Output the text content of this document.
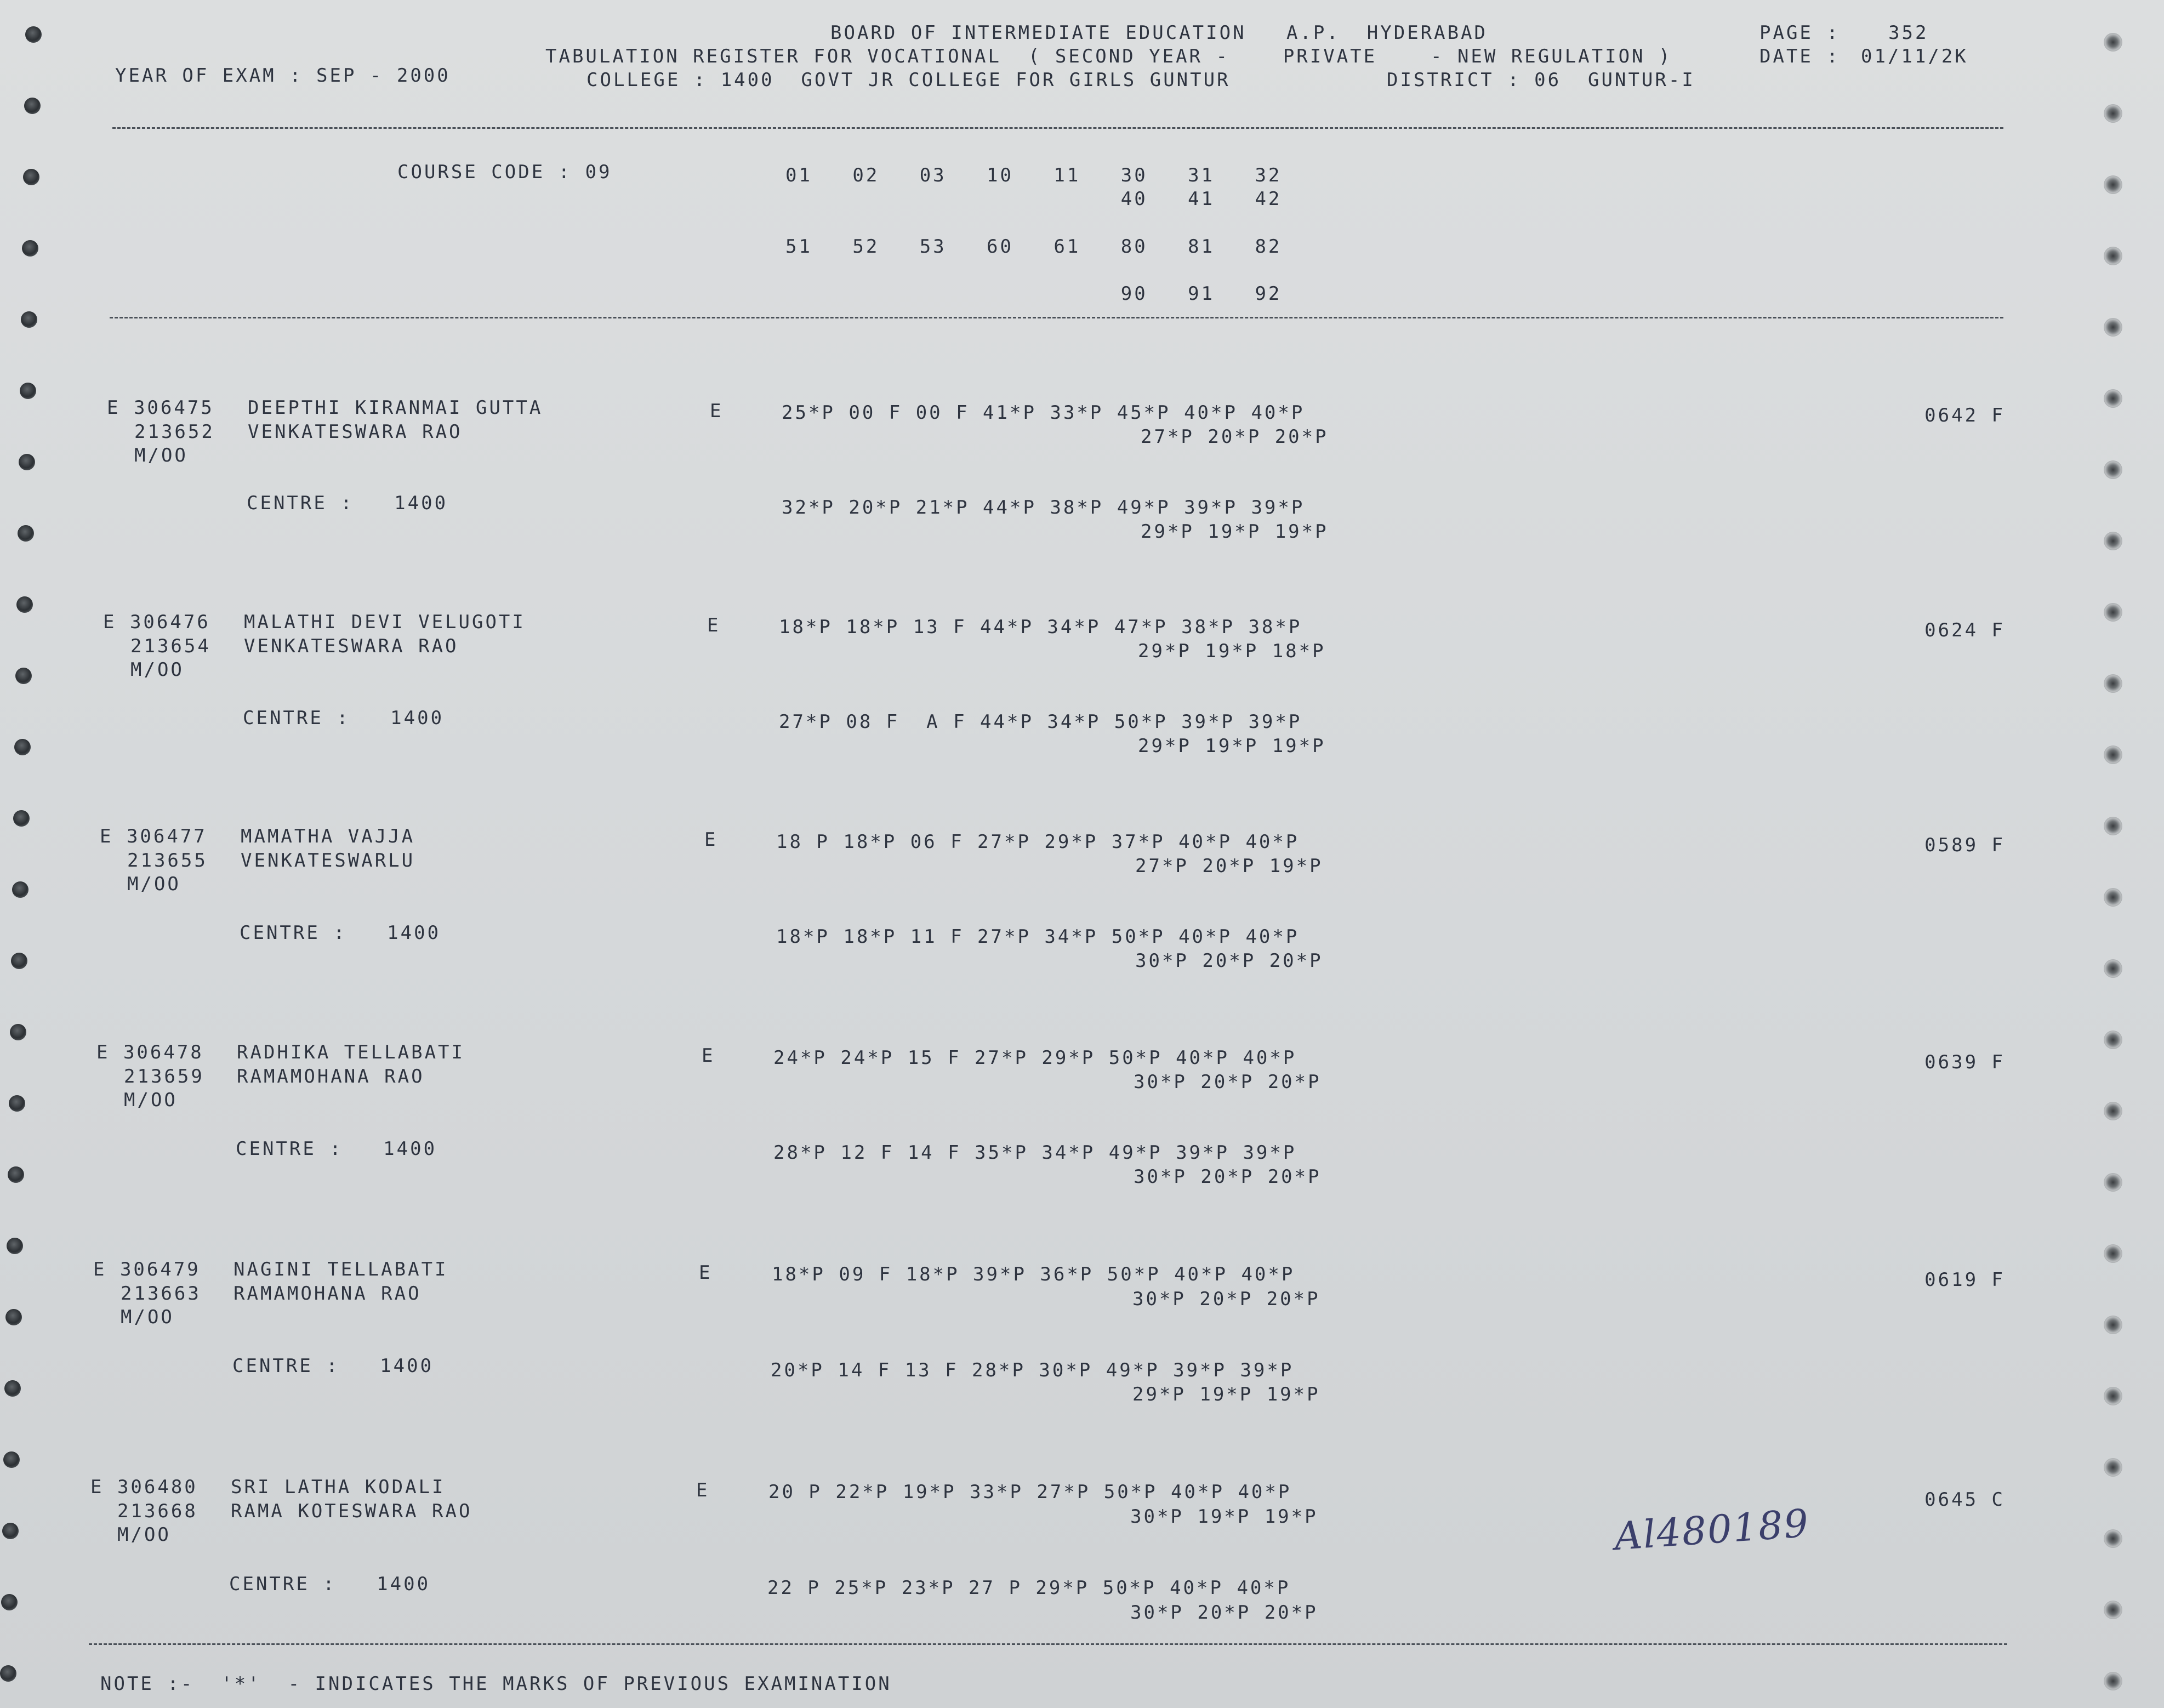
BOARD OF INTERMEDIATE EDUCATION   A.P.  HYDERABAD	PAGE :	352
TABULATION REGISTER FOR VOCATIONAL  ( SECOND YEAR -    PRIVATE    - NEW REGULATION )	DATE : 01/11/2K
YEAR OF EXAM : SEP - 2000	COLLEGE : 1400  GOVT JR COLLEGE FOR GIRLS GUNTUR	DISTRICT : 06  GUNTUR-I
COURSE CODE : 09	01   02   03   10   11   30   31   32
40   41   42
51   52   53   60   61   80   81   82
90   91   92
E 306475 DEEPTHI KIRANMAI GUTTA
213652 VENKATESWARA RAO
M/OO
E	25*P 00 F 00 F 41*P 33*P 45*P 40*P 40*P
27*P 20*P 20*P
CENTRE :   1400	32*P 20*P 21*P 44*P 38*P 49*P 39*P 39*P
29*P 19*P 19*P
0642 F
E 306476 MALATHI DEVI VELUGOTI
213654 VENKATESWARA RAO
M/OO
E	18*P 18*P 13 F 44*P 34*P 47*P 38*P 38*P
29*P 19*P 18*P
CENTRE :   1400	27*P 08 F  A F 44*P 34*P 50*P 39*P 39*P
29*P 19*P 19*P
0624 F
E 306477 MAMATHA VAJJA
213655 VENKATESWARLU
M/OO
E	18 P 18*P 06 F 27*P 29*P 37*P 40*P 40*P
27*P 20*P 19*P
CENTRE :   1400	18*P 18*P 11 F 27*P 34*P 50*P 40*P 40*P
30*P 20*P 20*P
0589 F
E 306478 RADHIKA TELLABATI
213659 RAMAMOHANA RAO
M/OO
E	24*P 24*P 15 F 27*P 29*P 50*P 40*P 40*P
30*P 20*P 20*P
CENTRE :   1400	28*P 12 F 14 F 35*P 34*P 49*P 39*P 39*P
30*P 20*P 20*P
0639 F
E 306479 NAGINI TELLABATI
213663 RAMAMOHANA RAO
M/OO
E	18*P 09 F 18*P 39*P 36*P 50*P 40*P 40*P
30*P 20*P 20*P
CENTRE :   1400	20*P 14 F 13 F 28*P 30*P 49*P 39*P 39*P
29*P 19*P 19*P
0619 F
E 306480 SRI LATHA KODALI
213668 RAMA KOTESWARA RAO
M/OO
E	20 P 22*P 19*P 33*P 27*P 50*P 40*P 40*P
30*P 19*P 19*P
CENTRE :   1400	22 P 25*P 23*P 27 P 29*P 50*P 40*P 40*P
30*P 20*P 20*P
0645 C
Al480189
NOTE :-  '*'  - INDICATES THE MARKS OF PREVIOUS EXAMINATION
